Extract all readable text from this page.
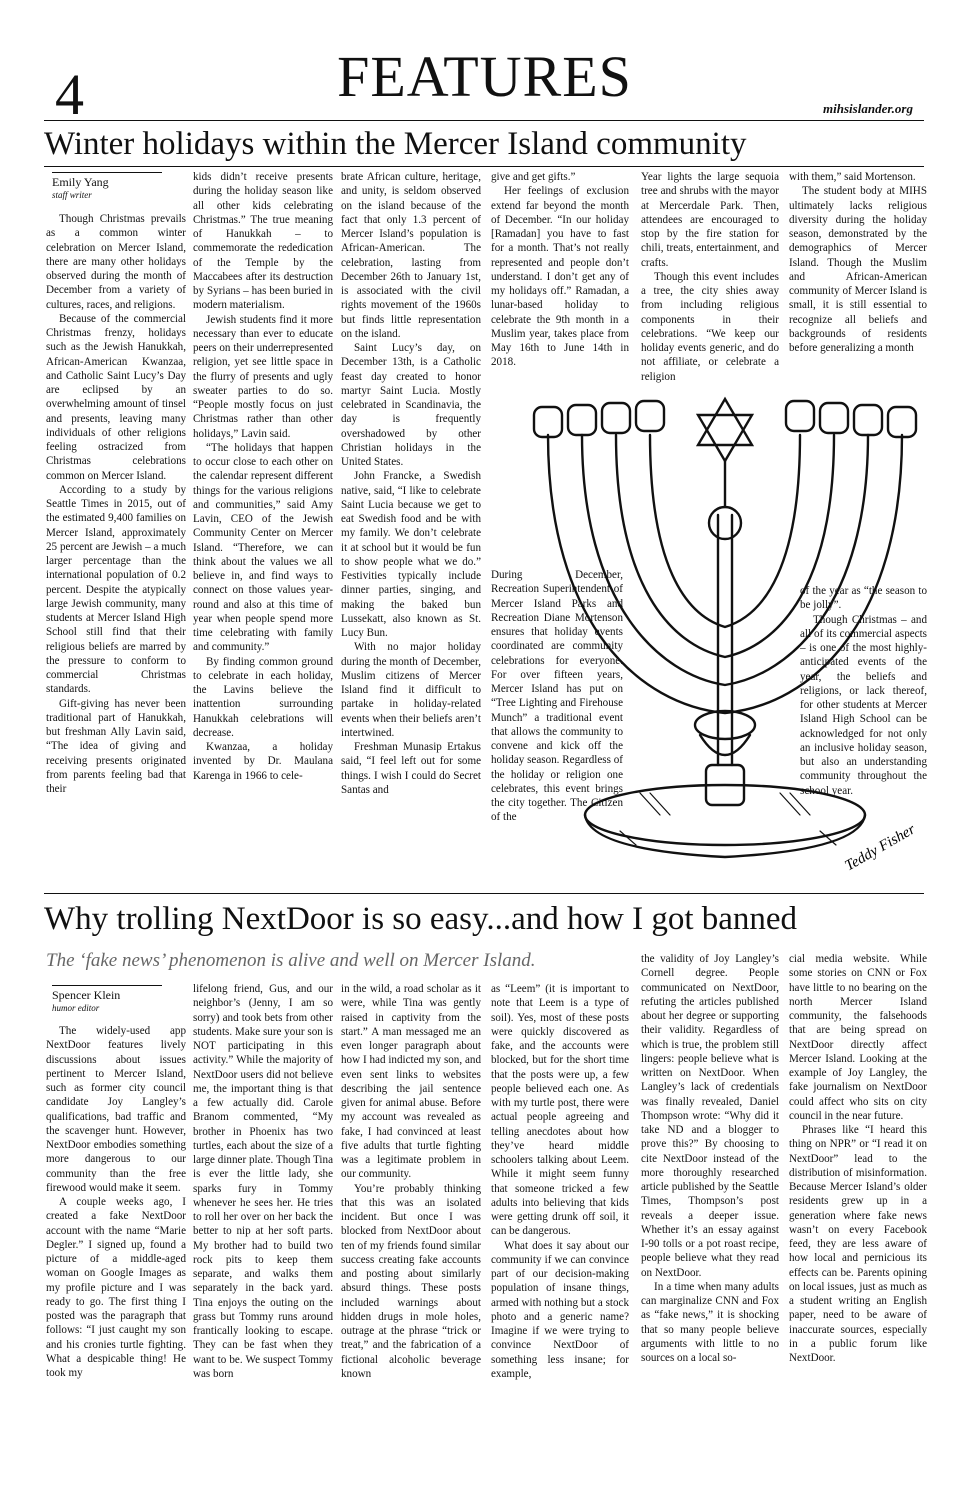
4	FEATURES	mihsislander.org
Winter holidays within the Mercer Island community
Emily Yang
staff writer

Though Christmas prevails as a common winter celebration on Mercer Island, there are many other holidays observed during the month of December from a variety of cultures, races, and religions.

Because of the commercial Christmas frenzy, holidays such as the Jewish Hanukkah, African-American Kwanzaa, and Catholic Saint Lucy’s Day are eclipsed by an overwhelming amount of tinsel and presents, leaving many individuals of other religions feeling ostracized from Christmas celebrations common on Mercer Island.

According to a study by Seattle Times in 2015, out of the estimated 9,400 families on Mercer Island, approximately 25 percent are Jewish – a much larger percentage than the international population of 0.2 percent. Despite the atypically large Jewish community, many students at Mercer Island High School still find that their religious beliefs are marred by the pressure to conform to commercial Christmas standards.

Gift-giving has never been traditional part of Hanukkah, but freshman Ally Lavin said, “The idea of giving and receiving presents originated from parents feeling bad that their

kids didn’t receive presents during the holiday season like all other kids celebrating Christmas.” The true meaning of Hanukkah – to commemorate the rededication of the Temple by the Maccabees after its destruction by Syrians – has been buried in modern materialism.

Jewish students find it more necessary than ever to educate peers on their underrepresented religion, yet see little space in the flurry of presents and ugly sweater parties to do so. “People mostly focus on just Christmas rather than other holidays,” Lavin said.

“The holidays that happen to occur close to each other on the calendar represent different things for the various religions and communities,” said Amy Lavin, CEO of the Jewish Community Center on Mercer Island. “Therefore, we can think about the values we all believe in, and find ways to connect on those values year-round and also at this time of year when people spend more time celebrating with family and community.”

By finding common ground to celebrate in each holiday, the Lavins believe the inattention surrounding Hanukkah celebrations will decrease.

Kwanzaa, a holiday invented by Dr. Maulana Karenga in 1966 to cele-

brate African culture, heritage, and unity, is seldom observed on the island because of the fact that only 1.3 percent of Mercer Island’s population is African-American. The celebration, lasting from December 26th to January 1st, is associated with the civil rights movement of the 1960s but finds little representation on the island.

Saint Lucy’s day, on December 13th, is a Catholic feast day created to honor martyr Saint Lucia. Mostly celebrated in Scandinavia, the day is frequently overshadowed by other Christian holidays in the United States.

John Francke, a Swedish native, said, “I like to celebrate Saint Lucia because we get to eat Swedish food and be with my family. We don’t celebrate it at school but it would be fun to show people what we do.” Festivities typically include dinner parties, singing, and making the baked bun Lussekatt, also known as St. Lucy Bun.

With no major holiday during the month of December, Muslim citizens of Mercer Island find it difficult to partake in holiday-related events when their beliefs aren’t intertwined.

Freshman Munasip Ertakus said, “I feel left out for some things. I wish I could do Secret Santas and

give and get gifts.”

Her feelings of exclusion extend far beyond the month of December. “In our holiday [Ramadan] you have to fast for a month. That’s not really represented and people don’t understand. I don’t get any of my holidays off.” Ramadan, a lunar-based holiday to celebrate the 9th month in a Muslim year, takes place from May 16th to June 14th in 2018.

During December, Recreation Superintendent of Mercer Island Parks and Recreation Diane Mortenson ensures that holiday events coordinated are community celebrations for everyone. For over fifteen years, Mercer Island has put on “Tree Lighting and Firehouse Munch” a traditional event that allows the community to convene and kick off the holiday season. Regardless of the holiday or religion one celebrates, this event brings the city together. The Citizen of the

Year lights the large sequoia tree and shrubs with the mayor at Mercerdale Park. Then, attendees are encouraged to stop by the fire station for chili, treats, entertainment, and crafts.

Though this event includes a tree, the city shies away from including religious components in their celebrations. “We keep our holiday events generic, and do not affiliate, or celebrate a religion

with them,” said Mortenson.

The student body at MIHS ultimately lacks religious diversity during the holiday season, demonstrated by the demographics of Mercer Island. Though the Muslim and African-American community of Mercer Island is small, it is still essential to recognize all beliefs and backgrounds of residents before generalizing a month

of the year as “the season to be jolly”.

Though Christmas – and all of its commercial aspects – is one of the most highly-anticipated events of the year, the beliefs and religions, or lack thereof, for other students at Mercer Island High School can be acknowledged for not only an inclusive holiday season, but also an understanding community throughout the school year.

Teddy Fisher
Why trolling NextDoor is so easy...and how I got banned
The ‘fake news’ phenomenon is alive and well on Mercer Island.
Spencer Klein
humor editor

The widely-used app NextDoor features lively discussions about issues pertinent to Mercer Island, such as former city council candidate Joy Langley’s qualifications, bad traffic and the scavenger hunt. However, NextDoor embodies something more dangerous to our community than the free firewood would make it seem.

A couple weeks ago, I created a fake NextDoor account with the name “Marie Degler.” I signed up, found a picture of a middle-aged woman on Google Images as my profile picture and I was ready to go. The first thing I posted was the paragraph that follows: “I just caught my son and his cronies turtle fighting. What a despicable thing! He took my

lifelong friend, Gus, and our neighbor’s (Jenny, I am so sorry) and took bets from other students. Make sure your son is NOT participating in this activity.” While the majority of NextDoor users did not believe me, the important thing is that a few actually did. Carole Branom commented, “My brother in Phoenix has two turtles, each about the size of a large dinner plate. Though Tina is ever the little lady, she sparks fury in Tommy whenever he sees her. He tries to roll her over on her back the better to nip at her soft parts. My brother had to build two rock pits to keep them separate, and walks them separately in the back yard. Tina enjoys the outing on the grass but Tommy runs around frantically looking to escape. They can be fast when they want to be. We suspect Tommy was born

in the wild, a road scholar as it were, while Tina was gently raised in captivity from the start.” A man messaged me an even longer paragraph about how I had indicted my son, and even sent links to websites describing the jail sentence given for animal abuse. Before my account was revealed as fake, I had convinced at least five adults that turtle fighting was a legitimate problem in our community.

You’re probably thinking that this was an isolated incident. But once I was blocked from NextDoor about ten of my friends found similar success creating fake accounts and posting about similarly absurd things. These posts included warnings about hidden drugs in mole holes, outrage at the phrase “trick or treat,” and the fabrication of a fictional alcoholic beverage known

as “Leem” (it is important to note that Leem is a type of soil). Yes, most of these posts were quickly discovered as fake, and the accounts were blocked, but for the short time that the posts were up, a few people believed each one. As with my turtle post, there were actual people agreeing and telling anecdotes about how they’ve heard middle schoolers talking about Leem. While it might seem funny that someone tricked a few adults into believing that kids were getting drunk off soil, it can be dangerous.

What does it say about our community if we can convince part of our decision-making population of insane things, armed with nothing but a stock photo and a generic name? Imagine if we were trying to convince NextDoor of something less insane; for example,

the validity of Joy Langley’s Cornell degree. People communicated on NextDoor, refuting the articles published about her degree or supporting their validity. Regardless of which is true, the problem still lingers: people believe what is written on NextDoor. When Langley’s lack of credentials was finally revealed, Daniel Thompson wrote: “Why did it take ND and a blogger to prove this?” By choosing to cite NextDoor instead of the more thoroughly researched article published by the Seattle Times, Thompson’s post reveals a deeper issue. Whether it’s an essay against I-90 tolls or a pot roast recipe, people believe what they read on NextDoor.

In a time when many adults can marginalize CNN and Fox as “fake news,” it is shocking that so many people believe arguments with little to no sources on a local so-

cial media website. While some stories on CNN or Fox have little to no bearing on the north Mercer Island community, the falsehoods that are being spread on NextDoor directly affect Mercer Island. Looking at the example of Joy Langley, the fake journalism on NextDoor could affect who sits on city council in the near future.

Phrases like “I heard this thing on NPR” or “I read it on NextDoor” lead to the distribution of misinformation. Because Mercer Island’s older residents grew up in a generation where fake news wasn’t on every Facebook feed, they are less aware of how local and pernicious its effects can be. Parents opining on local issues, just as much as a student writing an English paper, need to be aware of inaccurate sources, especially in a public forum like NextDoor.
